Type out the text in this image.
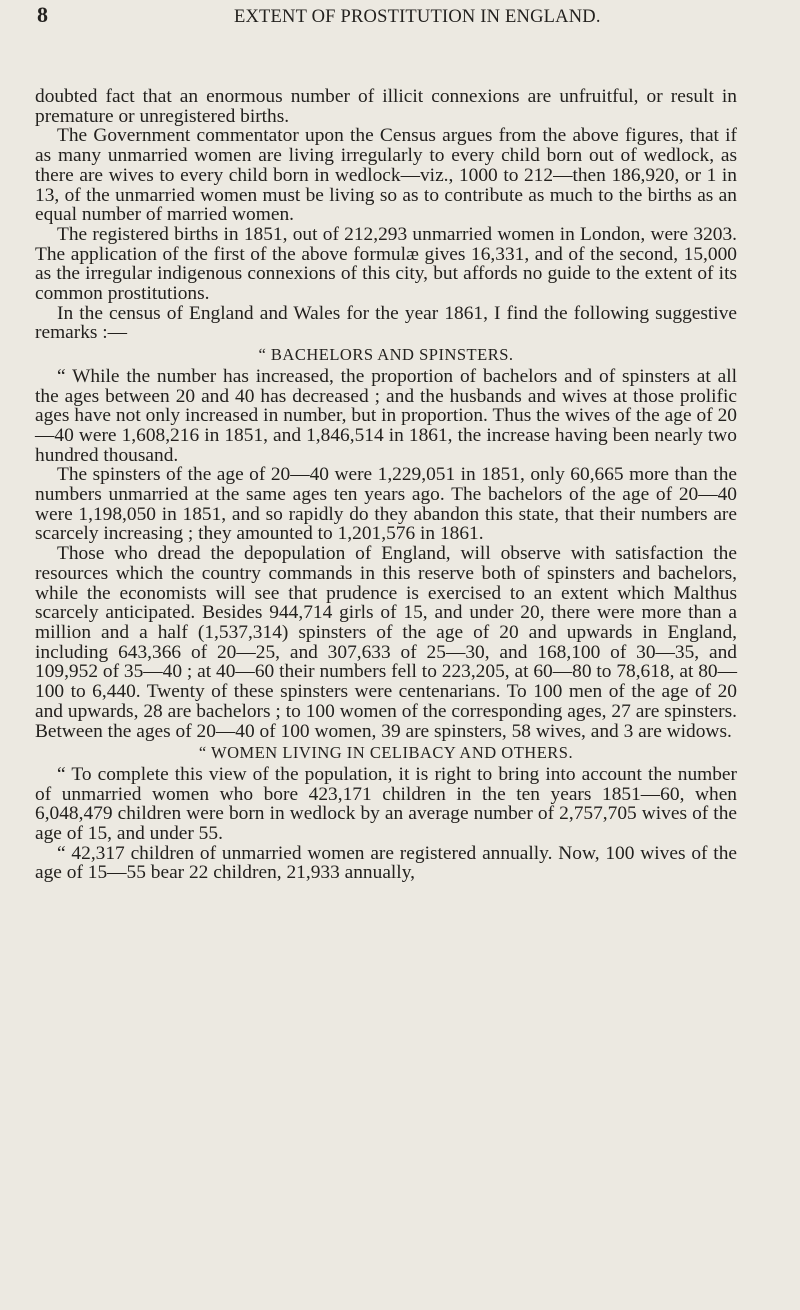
8	EXTENT OF PROSTITUTION IN ENGLAND.

doubted fact that an enormous number of illicit connexions are unfruitful, or result in premature or unregistered births.

The Government commentator upon the Census argues from the above figures, that if as many unmarried women are living irregularly to every child born out of wedlock, as there are wives to every child born in wedlock—viz., 1000 to 212—then 186,920, or 1 in 13, of the unmarried women must be living so as to contribute as much to the births as an equal number of married women.

The registered births in 1851, out of 212,293 unmarried women in London, were 3203. The application of the first of the above formulæ gives 16,331, and of the second, 15,000 as the irregular indigenous connexions of this city, but affords no guide to the extent of its common prostitutions.

In the census of England and Wales for the year 1861, I find the following suggestive remarks :—

“ BACHELORS AND SPINSTERS.

“ While the number has increased, the proportion of bachelors and of spinsters at all the ages between 20 and 40 has decreased ; and the husbands and wives at those prolific ages have not only increased in number, but in proportion. Thus the wives of the age of 20—40 were 1,608,216 in 1851, and 1,846,514 in 1861, the increase having been nearly two hundred thousand.

The spinsters of the age of 20—40 were 1,229,051 in 1851, only 60,665 more than the numbers unmarried at the same ages ten years ago. The bachelors of the age of 20—40 were 1,198,050 in 1851, and so rapidly do they abandon this state, that their numbers are scarcely increasing ; they amounted to 1,201,576 in 1861.

Those who dread the depopulation of England, will observe with satisfaction the resources which the country commands in this reserve both of spinsters and bachelors, while the economists will see that prudence is exercised to an extent which Malthus scarcely anticipated. Besides 944,714 girls of 15, and under 20, there were more than a million and a half (1,537,314) spinsters of the age of 20 and upwards in England, including 643,366 of 20—25, and 307,633 of 25—30, and 168,100 of 30—35, and 109,952 of 35—40 ; at 40—60 their numbers fell to 223,205, at 60—80 to 78,618, at 80—100 to 6,440. Twenty of these spinsters were centenarians. To 100 men of the age of 20 and upwards, 28 are bachelors ; to 100 women of the corresponding ages, 27 are spinsters. Between the ages of 20—40 of 100 women, 39 are spinsters, 58 wives, and 3 are widows.

“ WOMEN LIVING IN CELIBACY AND OTHERS.

“ To complete this view of the population, it is right to bring into account the number of unmarried women who bore 423,171 children in the ten years 1851—60, when 6,048,479 children were born in wedlock by an average number of 2,757,705 wives of the age of 15, and under 55.

“ 42,317 children of unmarried women are registered annually. Now, 100 wives of the age of 15—55 bear 22 children, 21,933 annually,
